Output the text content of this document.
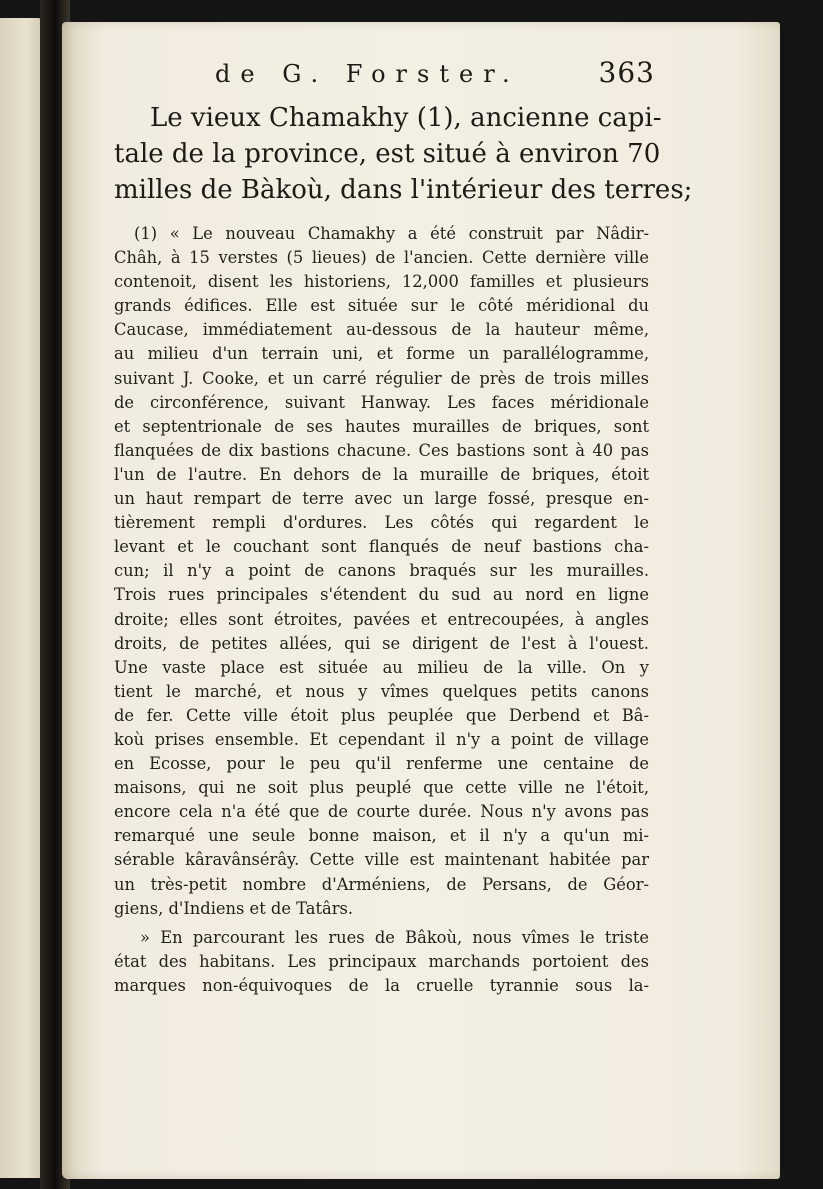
de G. Forster.	363

Le vieux Chamakhy (1), ancienne capi-
tale de la province, est situé à environ 70
milles de Bàkoù, dans l'intérieur des terres;

(1) « Le nouveau Chamakhy a été construit par Nâdir-
Châh, à 15 verstes (5 lieues) de l'ancien. Cette dernière ville
contenoit, disent les historiens, 12,000 familles et plusieurs
grands édifices. Elle est située sur le côté méridional du
Caucase, immédiatement au-dessous de la hauteur même,
au milieu d'un terrain uni, et forme un parallélogramme,
suivant J. Cooke, et un carré régulier de près de trois milles
de circonférence, suivant Hanway. Les faces méridionale
et septentrionale de ses hautes murailles de briques, sont
flanquées de dix bastions chacune. Ces bastions sont à 40 pas
l'un de l'autre. En dehors de la muraille de briques, étoit
un haut rempart de terre avec un large fossé, presque en-
tièrement rempli d'ordures. Les côtés qui regardent le
levant et le couchant sont flanqués de neuf bastions cha-
cun; il n'y a point de canons braqués sur les murailles.
Trois rues principales s'étendent du sud au nord en ligne
droite; elles sont étroites, pavées et entrecoupées, à angles
droits, de petites allées, qui se dirigent de l'est à l'ouest.
Une vaste place est située au milieu de la ville. On y
tient le marché, et nous y vîmes quelques petits canons
de fer. Cette ville étoit plus peuplée que Derbend et Bâ-
koù prises ensemble. Et cependant il n'y a point de village
en Ecosse, pour le peu qu'il renferme une centaine de
maisons, qui ne soit plus peuplé que cette ville ne l'étoit,
encore cela n'a été que de courte durée. Nous n'y avons pas
remarqué une seule bonne maison, et il n'y a qu'un mi-
sérable kâravânsérây. Cette ville est maintenant habitée par
un très-petit nombre d'Arméniens, de Persans, de Géor-
giens, d'Indiens et de Tatârs.
» En parcourant les rues de Bâkoù, nous vîmes le triste
état des habitans. Les principaux marchands portoient des
marques non-équivoques de la cruelle tyrannie sous la-
